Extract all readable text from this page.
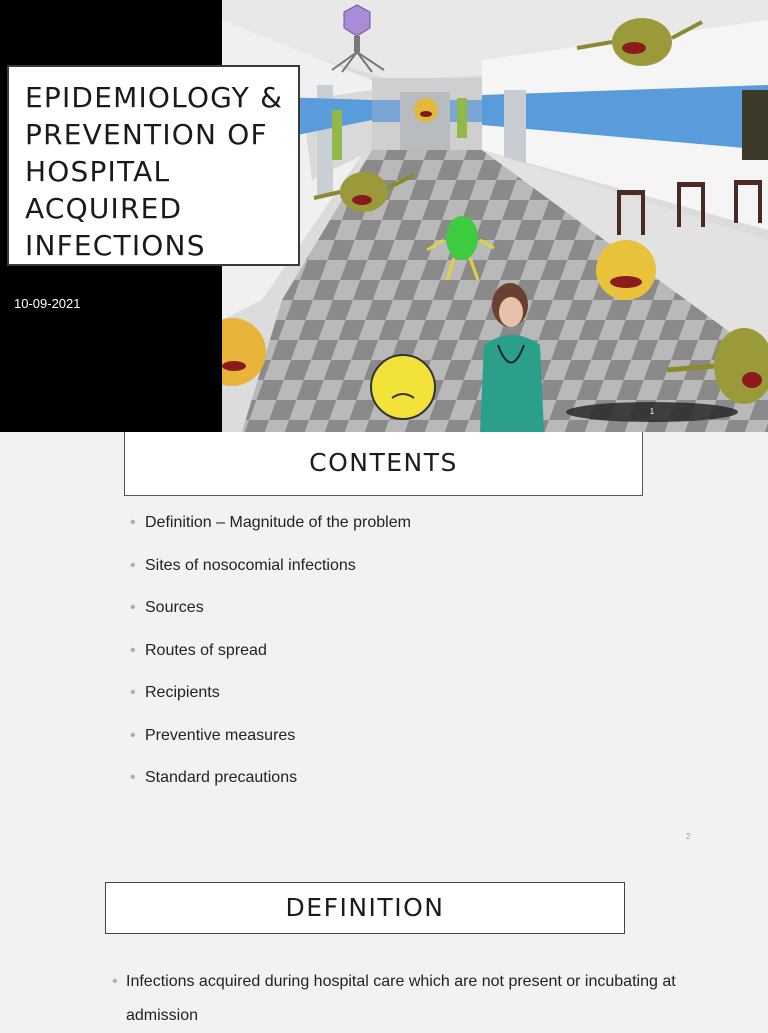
EPIDEMIOLOGY & PREVENTION OF HOSPITAL ACQUIRED INFECTIONS
10-09-2021
1
CONTENTS
• Definition – Magnitude of the problem
• Sites of nosocomial infections
• Sources
• Routes of spread
• Recipients
• Preventive measures
• Standard precautions
2
DEFINITION
• Infections acquired during hospital care which are not present or incubating at admission
